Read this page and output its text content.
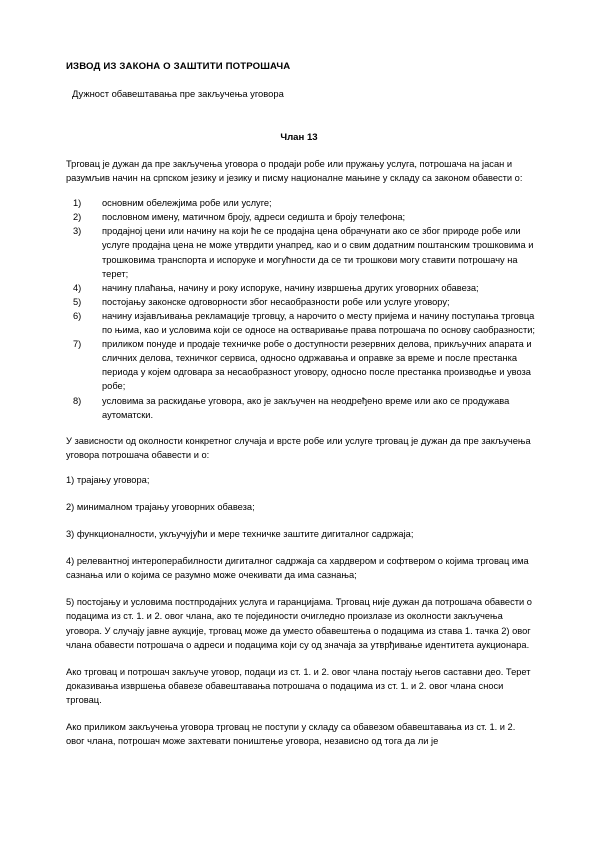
ИЗВОД ИЗ ЗАКОНА О ЗАШТИТИ ПОТРОШАЧА

Дужност обавештавања пре закључења уговора

Члан 13

Трговац је дужан да пре закључења уговора о продаји робе или пружању услуга, потрошача на јасан и разумљив начин на српском језику и језику и писму националне мањине у складу са законом обавести о:

1)	основним обележјима робе или услуге;
2)	пословном имену, матичном броју, адреси седишта и броју телефона;
3)	продајној цени или начину на који ће се продајна цена обрачунати ако се због природе робе или услуге продајна цена не може утврдити унапред, као и о свим додатним поштанским трошковима и трошковима транспорта и испоруке и могућности да се ти трошкови могу ставити потрошачу на терет;
4)	начину плаћања, начину и року испоруке, начину извршења других уговорних обавеза;
5)	постојању законске одговорности због несаобразности робе или услуге уговору;
6)	начину изјављивања рекламације трговцу, а нарочито о месту пријема и начину поступања трговца по њима, као и условима који се односе на остваривање права потрошача по основу саобразности;
7)	приликом понуде и продаје техничке робе о доступности резервних делова, прикључних апарата и сличних делова, техничког сервиса, односно одржавања и оправке за време и после престанка периода у којем одговара за несаобразност уговору, односно после престанка производње и увоза робе;
8)	условима за раскидање уговора, ако је закључен на неодређено време или ако се продужава аутоматски.

У зависности од околности конкретног случаја и врсте робе или услуге трговац је дужан да пре закључења уговора потрошача обавести и о:

1) трајању уговора;

2) минималном трајању уговорних обавеза;

3) функционалности, укључујући и мере техничке заштите дигиталног садржаја;

4) релевантној интероперабилности дигиталног садржаја са хардвером и софтвером о којима трговац има сазнања или о којима се разумно може очекивати да има сазнања;

5) постојању и условима постпродајних услуга и гаранцијама. Трговац није дужан да потрошача обавести о подацима из ст. 1. и 2. овог члана, ако те појединости очигледно произлазе из околности закључења уговора. У случају јавне аукције, трговац може да уместо обавештења о подацима из става 1. тачка 2) овог члана обавести потрошача о адреси и подацима који су од значаја за утврђивање идентитета аукционара.

Ако трговац и потрошач закључе уговор, подаци из ст. 1. и 2. овог члана постају његов саставни део. Терет доказивања извршења обавезе обавештавања потрошача о подацима из ст. 1. и 2. овог члана сноси трговац.

Ако приликом закључења уговора трговац не поступи у складу са обавезом обавештавања из ст. 1. и 2. овог члана, потрошач може захтевати поништење уговора, независно од тога да ли је
